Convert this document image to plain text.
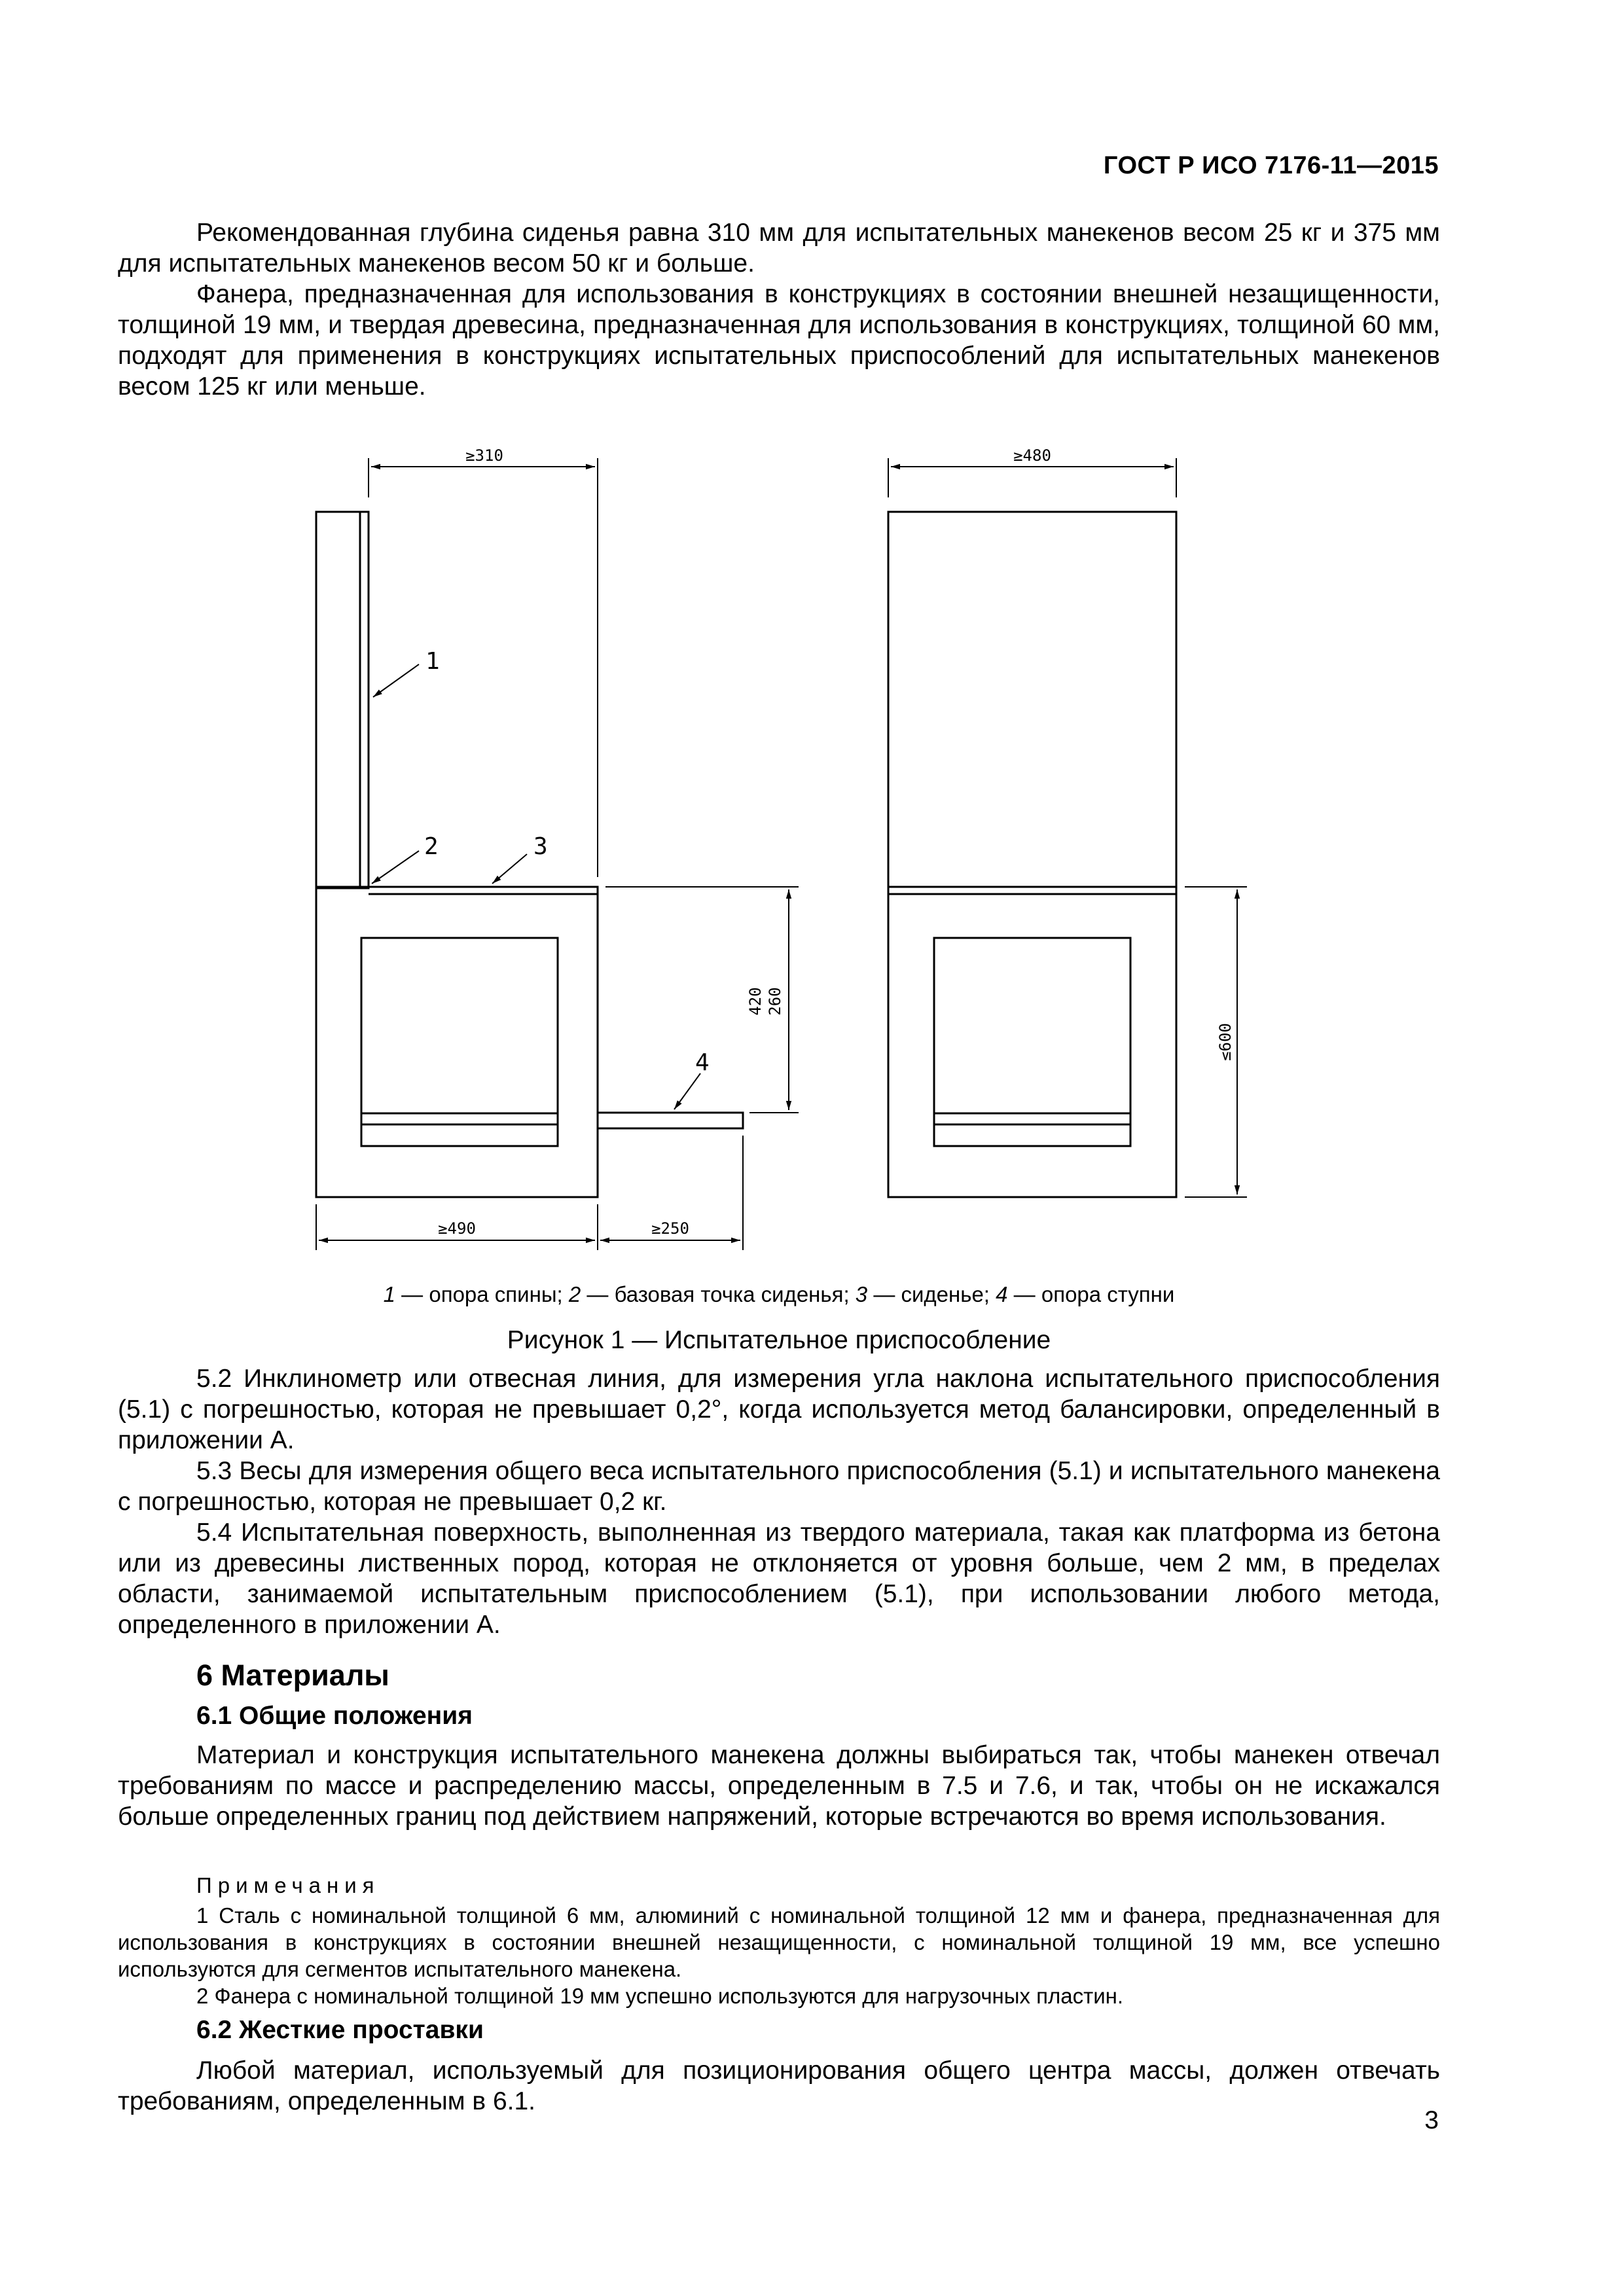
ГОСТ Р ИСО 7176-11—2015

Рекомендованная глубина сиденья равна 310 мм для испытательных манекенов весом 25 кг и 375 мм для испытательных манекенов весом 50 кг и больше.

Фанера, предназначенная для использования в конструкциях в состоянии внешней незащищенности, толщиной 19 мм, и твердая древесина, предназначенная для использования в конструкциях, толщиной 60 мм, подходят для применения в конструкциях испытательных приспособлений для испытательных манекенов весом 125 кг или меньше.

≥310	≥480
≥490	≥250
420 260
≤600
1
2	3
4
1 — опора спины; 2 — базовая точка сиденья; 3 — сиденье; 4 — опора ступни
Рисунок 1 — Испытательное приспособление

5.2 Инклинометр или отвесная линия, для измерения угла наклона испытательного приспособления (5.1) с погрешностью, которая не превышает 0,2°, когда используется метод балансировки, определенный в приложении А.

5.3 Весы для измерения общего веса испытательного приспособления (5.1) и испытательного манекена с погрешностью, которая не превышает 0,2 кг.

5.4 Испытательная поверхность, выполненная из твердого материала, такая как платформа из бетона или из древесины лиственных пород, которая не отклоняется от уровня больше, чем 2 мм, в пределах области, занимаемой испытательным приспособлением (5.1), при использовании любого метода, определенного в приложении А.

6 Материалы
6.1 Общие положения

Материал и конструкция испытательного манекена должны выбираться так, чтобы манекен отвечал требованиям по массе и распределению массы, определенным в 7.5 и 7.6, и так, чтобы он не искажался больше определенных границ под действием напряжений, которые встречаются во время использования.

Примечания

1 Сталь с номинальной толщиной 6 мм, алюминий с номинальной толщиной 12 мм и фанера, предназначенная для использования в конструкциях в состоянии внешней незащищенности, с номинальной толщиной 19 мм, все успешно используются для сегментов испытательного манекена.

2 Фанера с номинальной толщиной 19 мм успешно используются для нагрузочных пластин.

6.2 Жесткие проставки

Любой материал, используемый для позиционирования общего центра массы, должен отвечать требованиям, определенным в 6.1.

3
